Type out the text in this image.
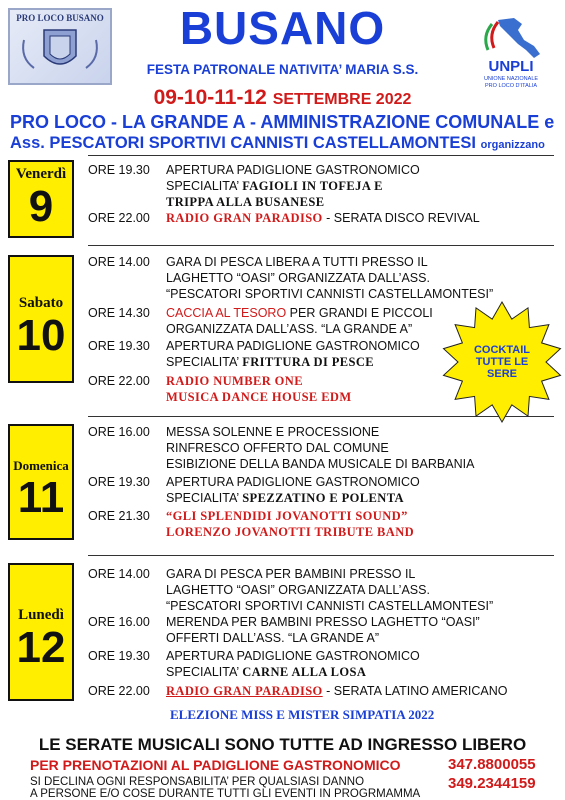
PRO LOCO BUSANO	BUSANO
UNPLI
UNIONE NAZIONALE
PRO LOCO D'ITALIA
FESTA PATRONALE NATIVITA’ MARIA S.S.
09-10-11-12 SETTEMBRE 2022
PRO LOCO - LA GRANDE A - AMMINISTRAZIONE COMUNALE e
Ass. PESCATORI SPORTIVI CANNISTI CASTELLAMONTESI organizzano
Venerdì
9
Sabato
10
Domenica
11
Lunedì
12
ORE 19.30 APERTURA PADIGLIONE GASTRONOMICO
SPECIALITA’ FAGIOLI IN TOFEJA E
TRIPPA ALLA BUSANESE
ORE 22.00 RADIO GRAN PARADISO - SERATA DISCO REVIVAL
ORE 14.00 GARA DI PESCA LIBERA A TUTTI PRESSO IL
LAGHETTO “OASI” ORGANIZZATA DALL’ASS.
“PESCATORI SPORTIVI CANNISTI CASTELLAMONTESI”
ORE 14.30 CACCIA AL TESORO PER GRANDI E PICCOLI
ORGANIZZATA DALL’ASS. “LA GRANDE A”
ORE 19.30 APERTURA PADIGLIONE GASTRONOMICO
SPECIALITA’ FRITTURA DI PESCE
ORE 22.00 RADIO NUMBER ONE
MUSICA DANCE HOUSE EDM
COCKTAIL
TUTTE LE
SERE
ORE 16.00 MESSA SOLENNE E PROCESSIONE
RINFRESCO OFFERTO DAL COMUNE
ESIBIZIONE DELLA BANDA MUSICALE DI BARBANIA
ORE 19.30 APERTURA PADIGLIONE GASTRONOMICO
SPECIALITA’ SPEZZATINO E POLENTA
ORE 21.30 “GLI SPLENDIDI JOVANOTTI SOUND”
LORENZO JOVANOTTI TRIBUTE BAND
ORE 14.00 GARA DI PESCA PER BAMBINI PRESSO IL
LAGHETTO “OASI” ORGANIZZATA DALL’ASS.
“PESCATORI SPORTIVI CANNISTI CASTELLAMONTESI”
ORE 16.00 MERENDA PER BAMBINI PRESSO LAGHETTO “OASI”
OFFERTI DALL’ASS. “LA GRANDE A”
ORE 19.30 APERTURA PADIGLIONE GASTRONOMICO
SPECIALITA’ CARNE ALLA LOSA
ORE 22.00 RADIO GRAN PARADISO - SERATA LATINO AMERICANO
ELEZIONE MISS E MISTER SIMPATIA 2022
LE SERATE MUSICALI SONO TUTTE AD INGRESSO LIBERO
PER PRENOTAZIONI AL PADIGLIONE GASTRONOMICO	347.8800055
349.2344159
SI DECLINA OGNI RESPONSABILITA’ PER QUALSIASI DANNO
A PERSONE E/O COSE DURANTE TUTTI GLI EVENTI IN PROGRMAMMA
